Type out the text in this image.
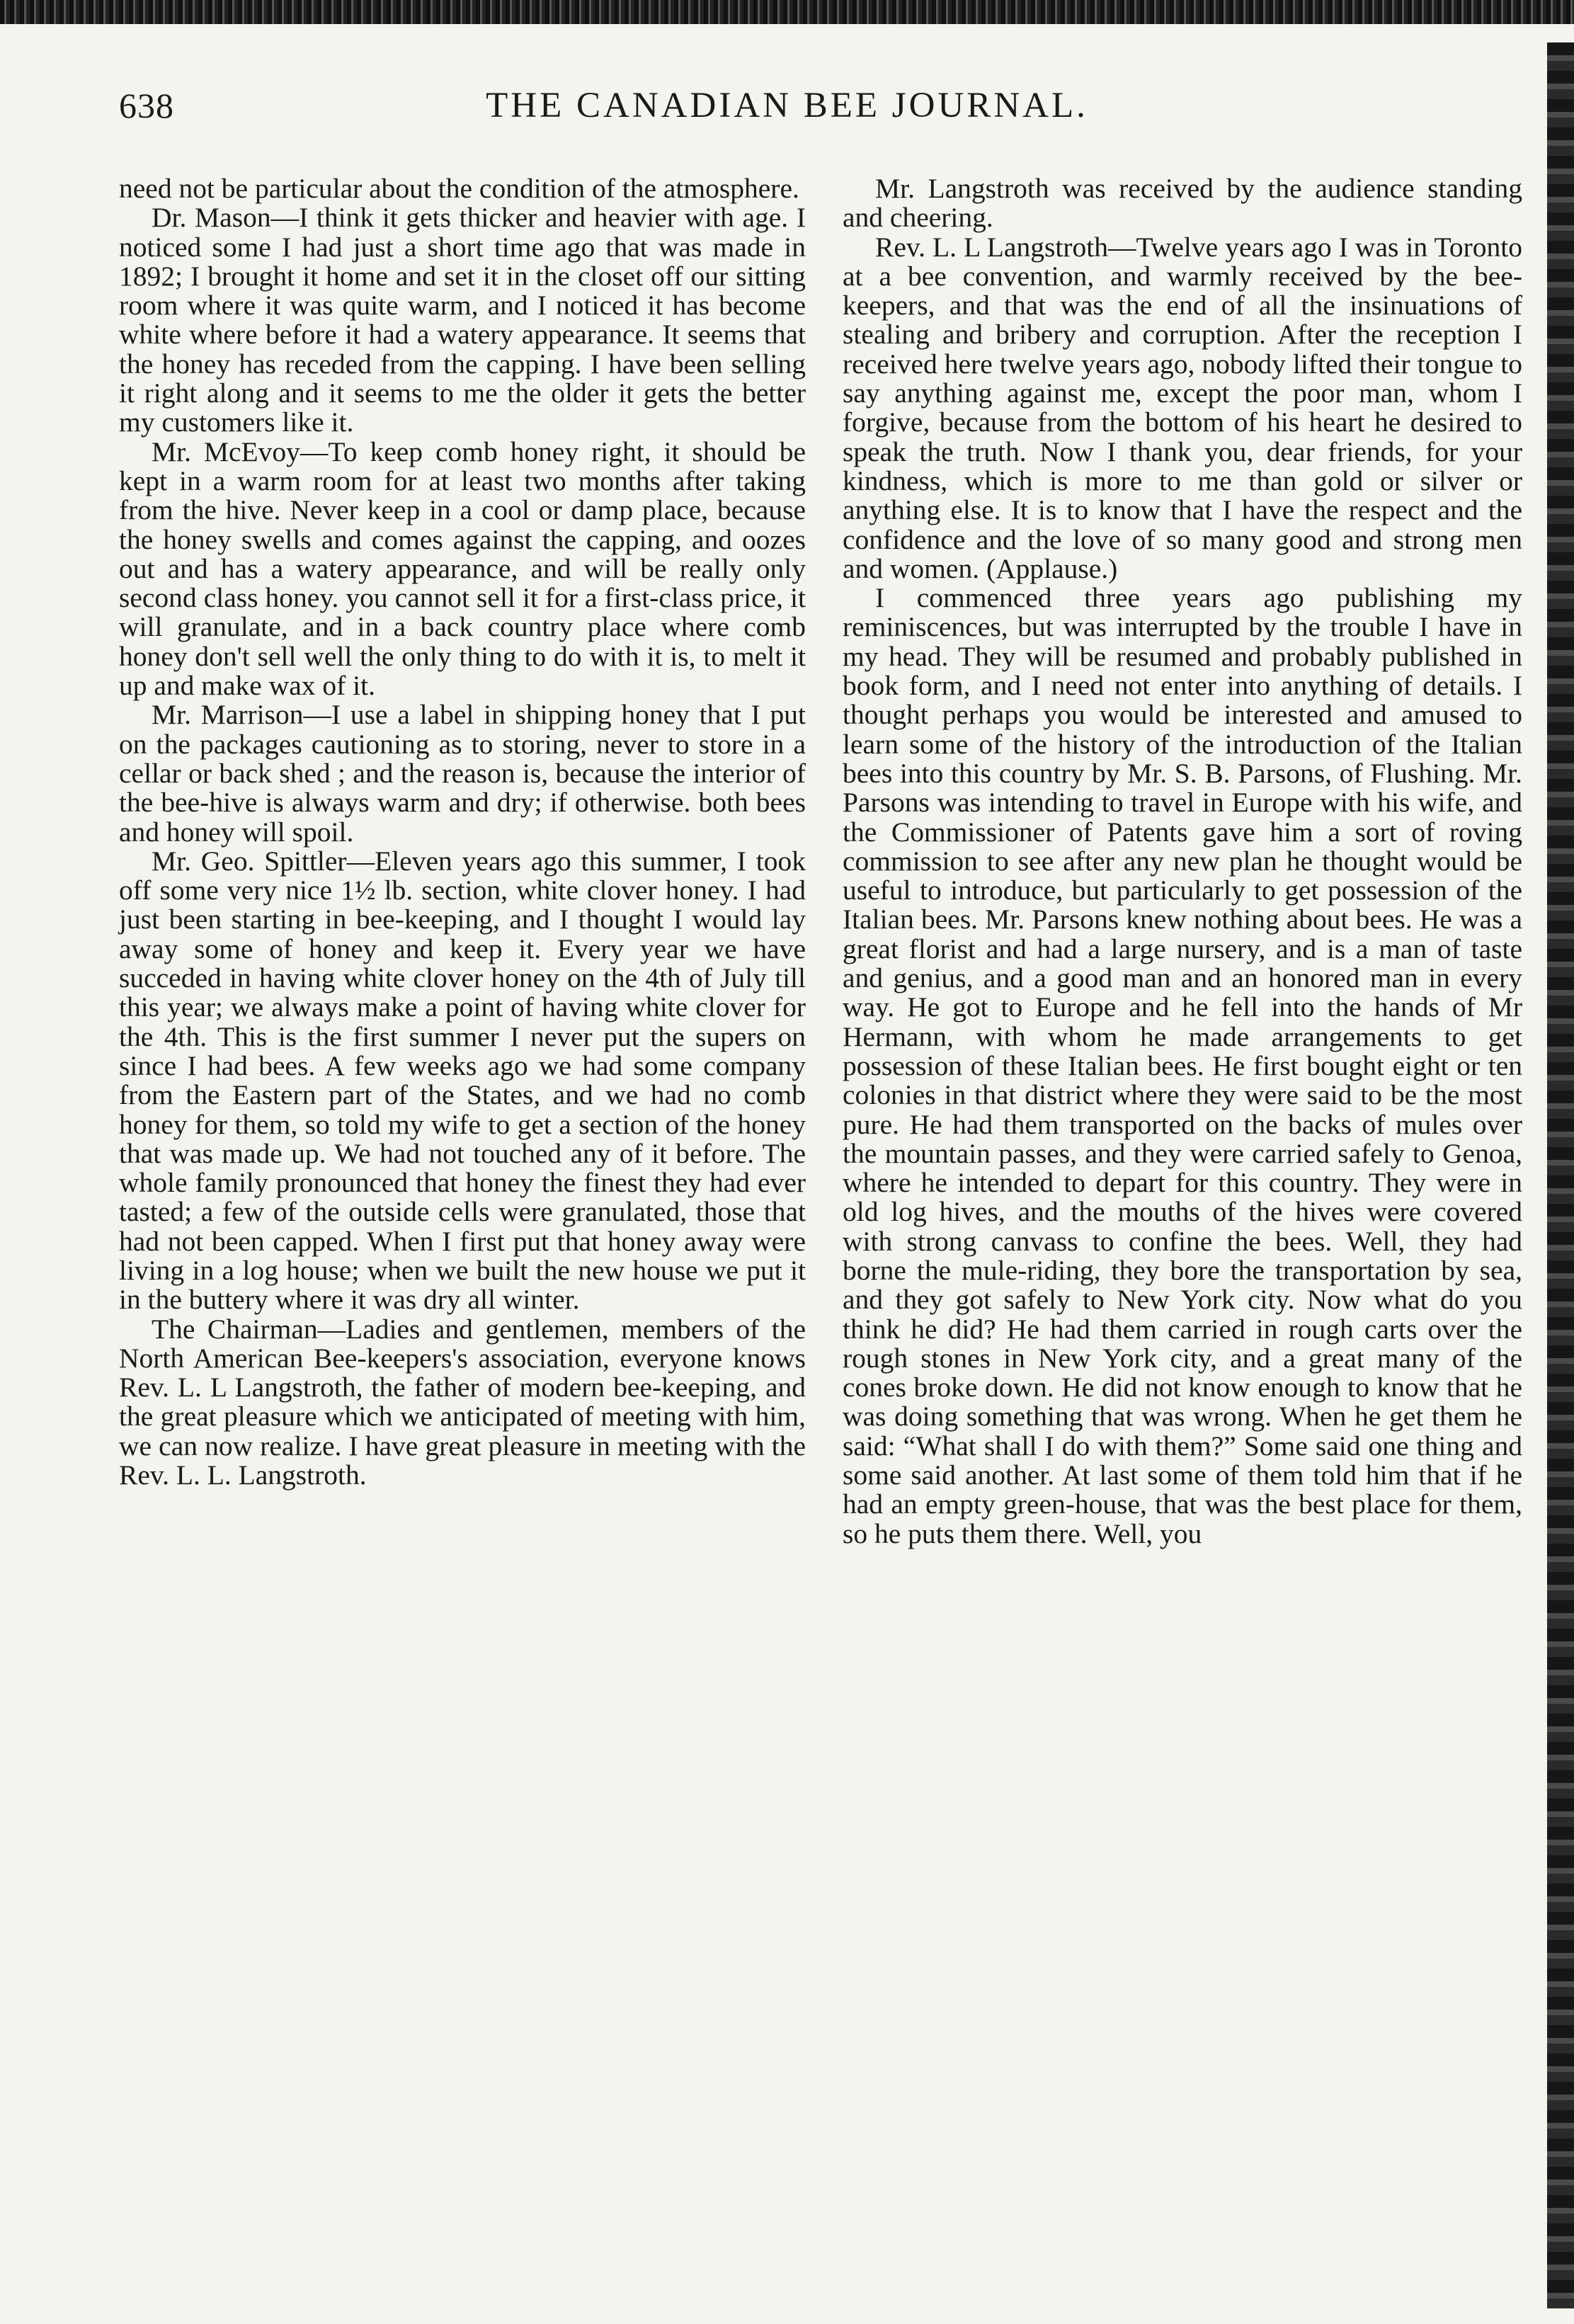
638	THE CANADIAN BEE JOURNAL.

need not be particular about the condition of the atmosphere.

Dr. Mason—I think it gets thicker and heavier with age. I noticed some I had just a short time ago that was made in 1892; I brought it home and set it in the closet off our sitting room where it was quite warm, and I noticed it has become white where before it had a watery appearance. It seems that the honey has receded from the capping. I have been selling it right along and it seems to me the older it gets the better my customers like it.

Mr. McEvoy—To keep comb honey right, it should be kept in a warm room for at least two months after taking from the hive. Never keep in a cool or damp place, because the honey swells and comes against the capping, and oozes out and has a watery appearance, and will be really only second class honey. you cannot sell it for a first-class price, it will granulate, and in a back country place where comb honey don't sell well the only thing to do with it is, to melt it up and make wax of it.

Mr. Marrison—I use a label in shipping honey that I put on the packages cautioning as to storing, never to store in a cellar or back shed ; and the reason is, because the interior of the bee-hive is always warm and dry; if otherwise. both bees and honey will spoil.

Mr. Geo. Spittler—Eleven years ago this summer, I took off some very nice 1½ lb. section, white clover honey. I had just been starting in bee-keeping, and I thought I would lay away some of honey and keep it. Every year we have succeded in having white clover honey on the 4th of July till this year; we always make a point of having white clover for the 4th. This is the first summer I never put the supers on since I had bees. A few weeks ago we had some company from the Eastern part of the States, and we had no comb honey for them, so told my wife to get a section of the honey that was made up. We had not touched any of it before. The whole family pronounced that honey the finest they had ever tasted; a few of the outside cells were granulated, those that had not been capped. When I first put that honey away were living in a log house; when we built the new house we put it in the buttery where it was dry all winter.

The Chairman—Ladies and gentlemen, members of the North American Bee-keepers's association, everyone knows Rev. L. L Langstroth, the father of modern bee-keeping, and the great pleasure which we anticipated of meeting with him, we can now realize. I have great pleasure in meeting with the Rev. L. L. Langstroth.

Mr. Langstroth was received by the audience standing and cheering.

Rev. L. L Langstroth—Twelve years ago I was in Toronto at a bee convention, and warmly received by the bee-keepers, and that was the end of all the insinuations of stealing and bribery and corruption. After the reception I received here twelve years ago, nobody lifted their tongue to say anything against me, except the poor man, whom I forgive, because from the bottom of his heart he desired to speak the truth. Now I thank you, dear friends, for your kindness, which is more to me than gold or silver or anything else. It is to know that I have the respect and the confidence and the love of so many good and strong men and women. (Applause.)

I commenced three years ago publishing my reminiscences, but was interrupted by the trouble I have in my head. They will be resumed and probably published in book form, and I need not enter into anything of details. I thought perhaps you would be interested and amused to learn some of the history of the introduction of the Italian bees into this country by Mr. S. B. Parsons, of Flushing. Mr. Parsons was intending to travel in Europe with his wife, and the Commissioner of Patents gave him a sort of roving commission to see after any new plan he thought would be useful to introduce, but particularly to get possession of the Italian bees. Mr. Parsons knew nothing about bees. He was a great florist and had a large nursery, and is a man of taste and genius, and a good man and an honored man in every way. He got to Europe and he fell into the hands of Mr Hermann, with whom he made arrangements to get possession of these Italian bees. He first bought eight or ten colonies in that district where they were said to be the most pure. He had them transported on the backs of mules over the mountain passes, and they were carried safely to Genoa, where he intended to depart for this country. They were in old log hives, and the mouths of the hives were covered with strong canvass to confine the bees. Well, they had borne the mule-riding, they bore the transportation by sea, and they got safely to New York city. Now what do you think he did? He had them carried in rough carts over the rough stones in New York city, and a great many of the cones broke down. He did not know enough to know that he was doing something that was wrong. When he get them he said: “What shall I do with them?” Some said one thing and some said another. At last some of them told him that if he had an empty green-house, that was the best place for them, so he puts them there. Well, you
